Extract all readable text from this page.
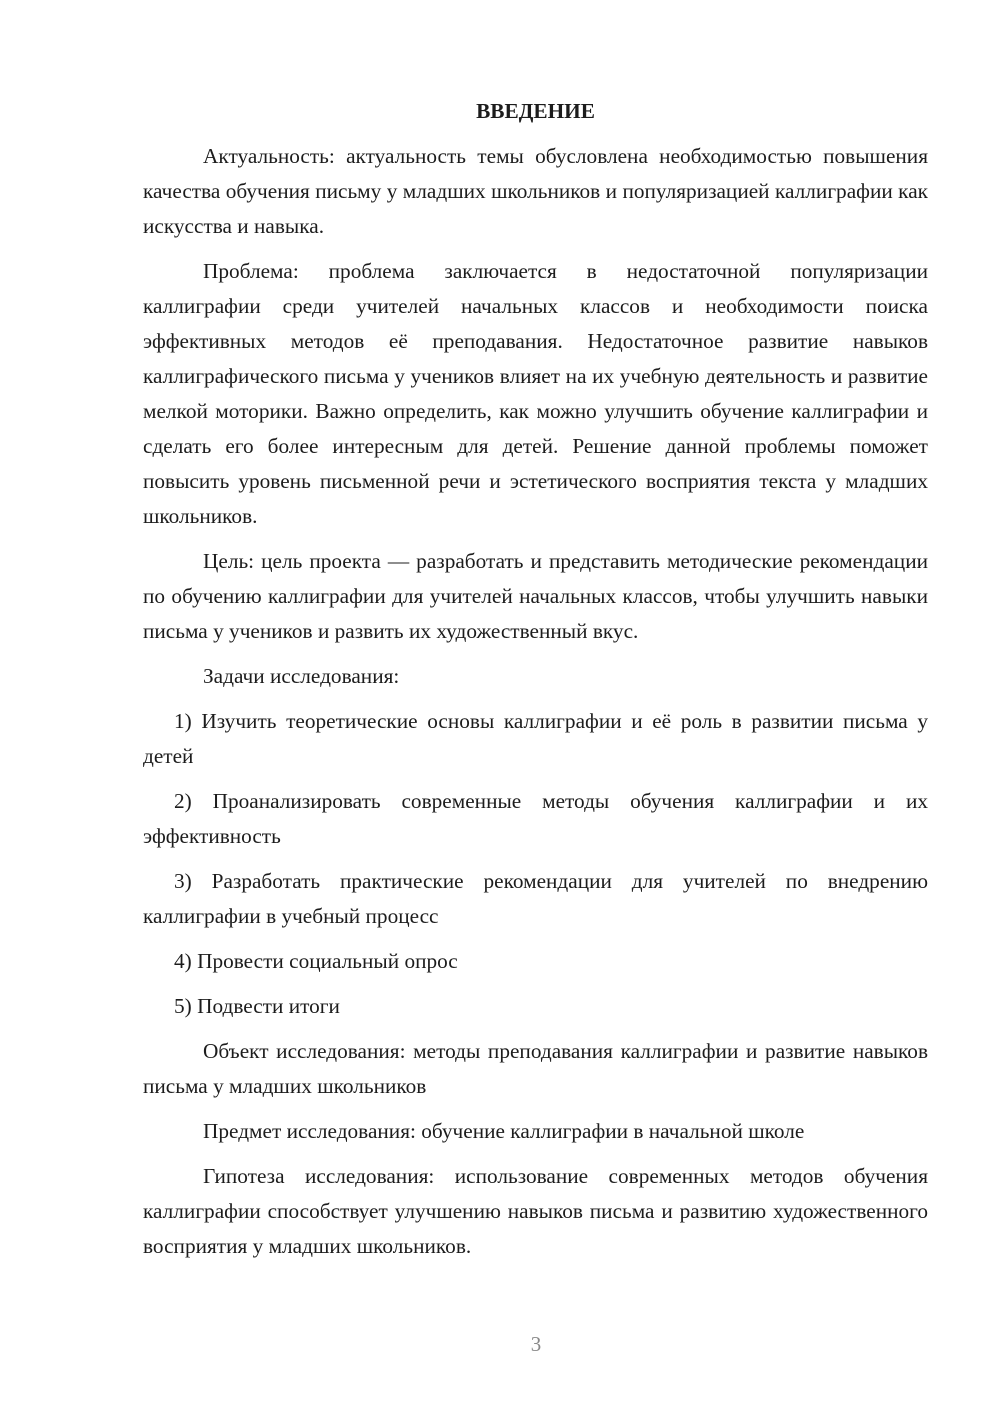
ВВЕДЕНИЕ

Актуальность: актуальность темы обусловлена необходимостью повышения качества обучения письму у младших школьников и популяризацией каллиграфии как искусства и навыка.

Проблема: проблема заключается в недостаточной популяризации каллиграфии среди учителей начальных классов и необходимости поиска эффективных методов её преподавания. Недостаточное развитие навыков каллиграфического письма у учеников влияет на их учебную деятельность и развитие мелкой моторики. Важно определить, как можно улучшить обучение каллиграфии и сделать его более интересным для детей. Решение данной проблемы поможет повысить уровень письменной речи и эстетического восприятия текста у младших школьников.

Цель: цель проекта — разработать и представить методические рекомендации по обучению каллиграфии для учителей начальных классов, чтобы улучшить навыки письма у учеников и развить их художественный вкус.

Задачи исследования:

1) Изучить теоретические основы каллиграфии и её роль в развитии письма у детей

2) Проанализировать современные методы обучения каллиграфии и их эффективность

3) Разработать практические рекомендации для учителей по внедрению каллиграфии в учебный процесс

4) Провести социальный опрос

5) Подвести итоги

Объект исследования: методы преподавания каллиграфии и развитие навыков письма у младших школьников

Предмет исследования: обучение каллиграфии в начальной школе

Гипотеза исследования: использование современных методов обучения каллиграфии способствует улучшению навыков письма и развитию художественного восприятия у младших школьников.

3
